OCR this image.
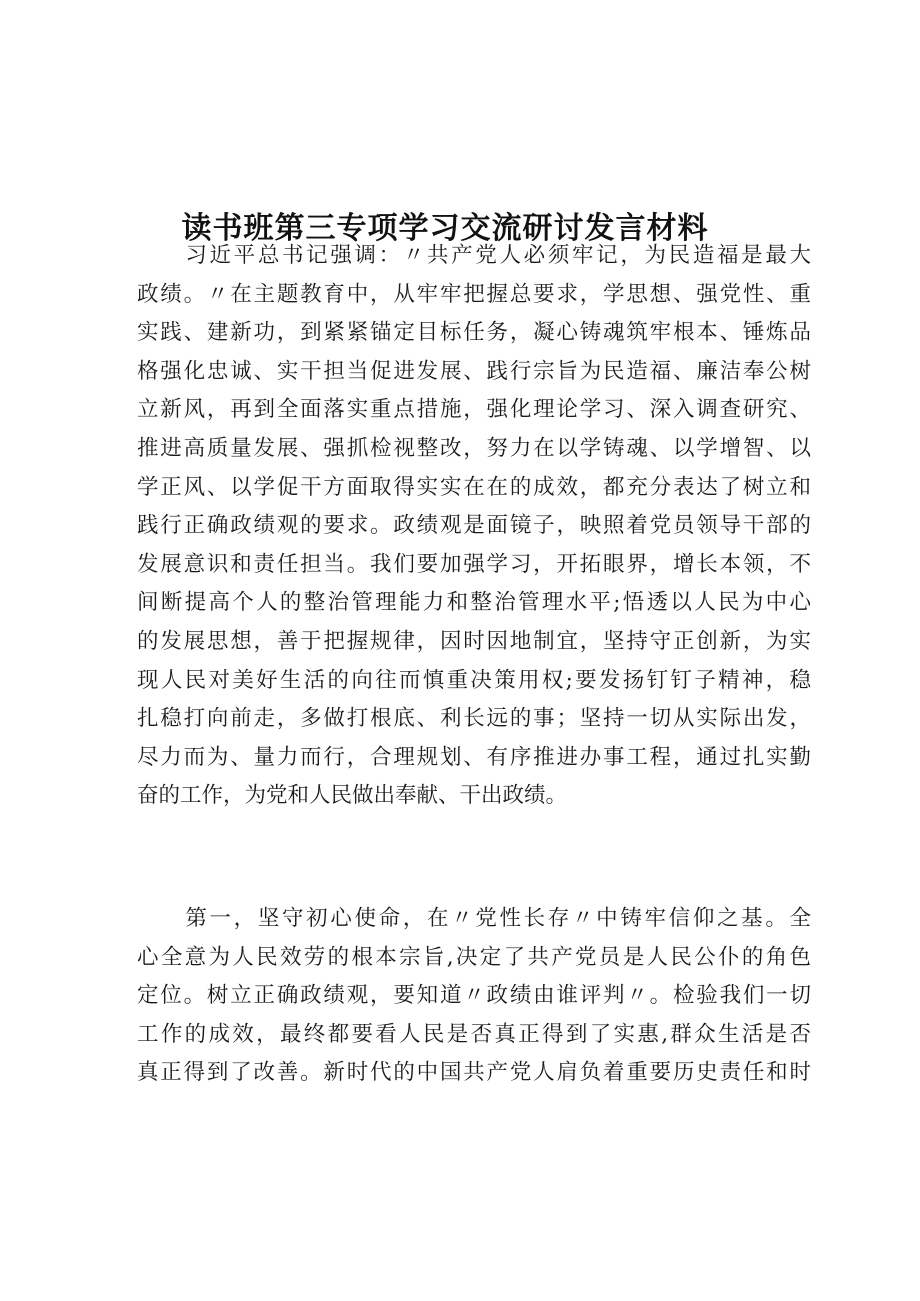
读书班第三专项学习交流研讨发言材料
　　习近平总书记强调：〃共产党人必须牢记，为民造福是最大
政绩。〃在主题教育中，从牢牢把握总要求，学思想、强党性、重
实践、建新功，到紧紧锚定目标任务，凝心铸魂筑牢根本、锤炼品
格强化忠诚、实干担当促进发展、践行宗旨为民造福、廉洁奉公树
立新风，再到全面落实重点措施，强化理论学习、深入调查研究、
推进高质量发展、强抓检视整改，努力在以学铸魂、以学增智、以
学正风、以学促干方面取得实实在在的成效，都充分表达了树立和
践行正确政绩观的要求。政绩观是面镜子，映照着党员领导干部的
发展意识和责任担当。我们要加强学习，开拓眼界，增长本领，不
间断提高个人的整治管理能力和整治管理水平;悟透以人民为中心
的发展思想，善于把握规律，因时因地制宜，坚持守正创新，为实
现人民对美好生活的向往而慎重决策用权;要发扬钉钉子精神，稳
扎稳打向前走，多做打根底、利长远的事；坚持一切从实际出发，
尽力而为、量力而行，合理规划、有序推进办事工程，通过扎实勤
奋的工作，为党和人民做出奉献、干出政绩。
　　第一，坚守初心使命，在〃党性长存〃中铸牢信仰之基。全
心全意为人民效劳的根本宗旨,决定了共产党员是人民公仆的角色
定位。树立正确政绩观，要知道〃政绩由谁评判〃。检验我们一切
工作的成效，最终都要看人民是否真正得到了实惠,群众生活是否
真正得到了改善。新时代的中国共产党人肩负着重要历史责任和时
